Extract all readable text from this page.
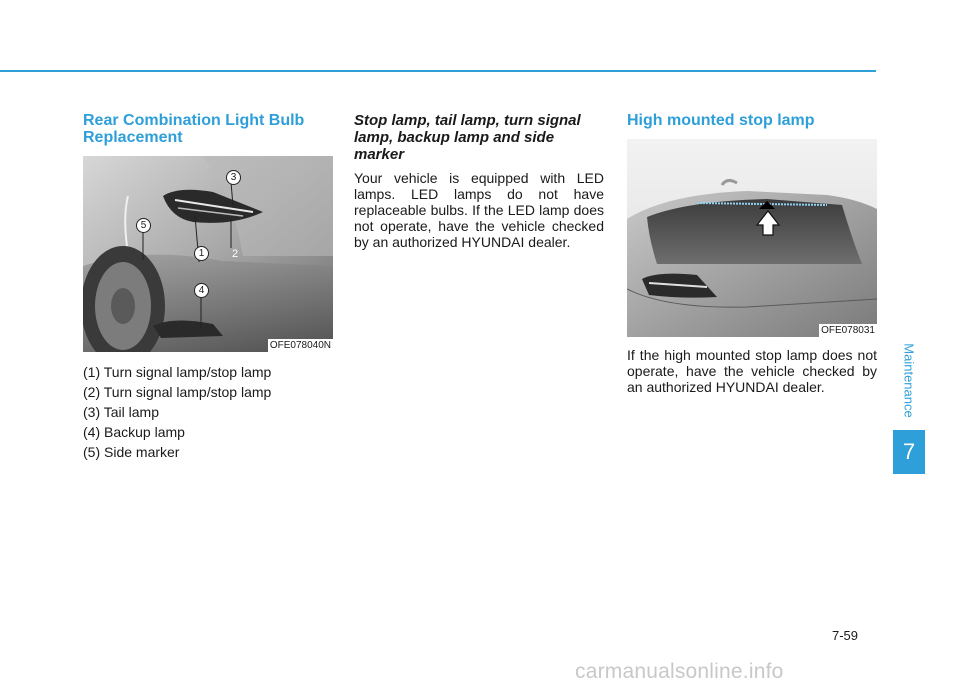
Maintenance
7
Rear Combination Light Bulb Replacement
1	2
3
4
5
OFE078040N
(1) Turn signal lamp/stop lamp
(2) Turn signal lamp/stop lamp
(3) Tail lamp
(4) Backup lamp
(5) Side marker
Stop lamp, tail lamp, turn signal lamp, backup lamp and side marker

Your vehicle is equipped with LED lamps. LED lamps do not have replaceable bulbs. If the LED lamp does not operate, have the vehicle checked by an authorized HYUNDAI dealer.

High mounted stop lamp
OFE078031

If the high mounted stop lamp does not operate, have the vehicle checked by an authorized HYUNDAI dealer.

7-59
carmanualsonline.info
